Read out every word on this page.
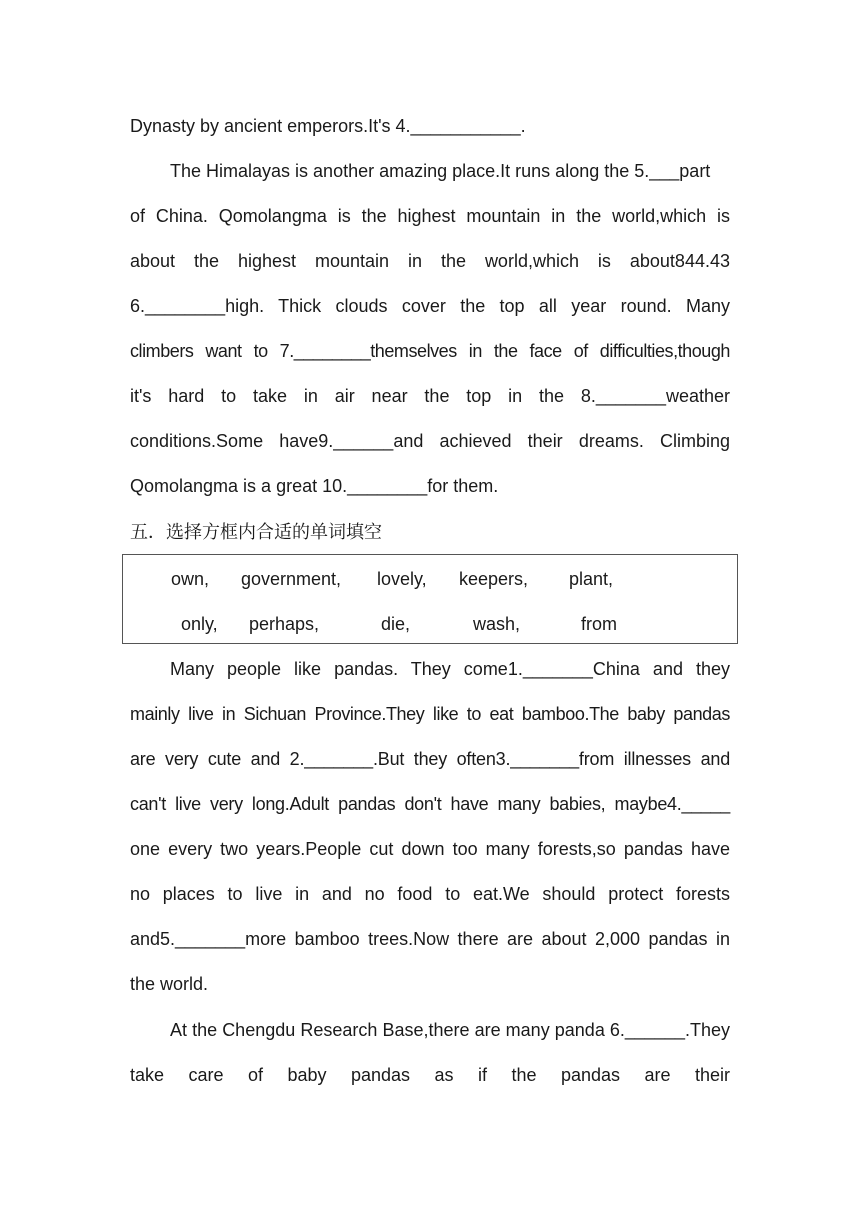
Dynasty by ancient emperors.It's 4.___________.
The Himalayas is another amazing place.It runs along the 5.___part
of China. Qomolangma is the highest mountain in the world,which is
about the highest mountain in the world,which is about844.43
6.________high. Thick clouds cover the top all year round. Many
climbers want to 7.________themselves in the face of difficulties,though
it's hard to take in air near the top in the 8._______weather
conditions.Some have9.______and achieved their dreams. Climbing
Qomolangma is a great 10.________for them.
五．选择方框内合适的单词填空
own, government, lovely, keepers, plant,
only, perhaps,	die,	wash,	from
Many people like pandas. They come1._______China and they
mainly live in Sichuan Province.They like to eat bamboo.The baby pandas
are very cute and 2._______.But they often3._______from illnesses and
can't live very long.Adult pandas don't have many babies, maybe4._____
one every two years.People cut down too many forests,so pandas have
no places to live in and no food to eat.We should protect forests
and5._______more bamboo trees.Now there are about 2,000 pandas in
the world.
At the Chengdu Research Base,there are many panda 6.______.They
take care of baby pandas as if the pandas are their
